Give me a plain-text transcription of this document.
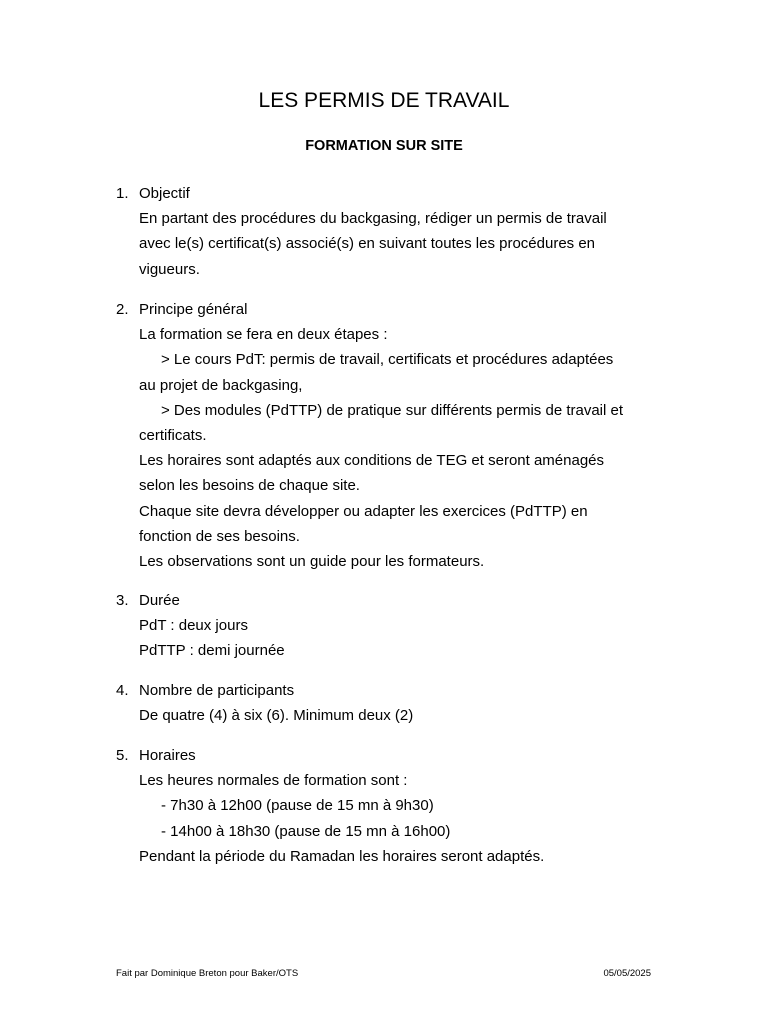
LES PERMIS DE TRAVAIL
FORMATION SUR SITE
1. Objectif
En partant des procédures du backgasing, rédiger un permis de travail
avec le(s) certificat(s) associé(s) en suivant toutes les procédures en
vigueurs.
2. Principe général
La formation se fera en deux étapes :
> Le cours PdT: permis de travail, certificats et procédures adaptées
au projet de backgasing,
> Des modules (PdTTP) de pratique sur différents permis de travail et
certificats.
Les horaires sont adaptés aux conditions de TEG et seront aménagés
selon les besoins de chaque site.
Chaque site devra développer ou adapter les exercices (PdTTP) en
fonction de ses besoins.
Les observations sont un guide pour les formateurs.
3. Durée
PdT : deux jours
PdTTP : demi journée
4. Nombre de participants
De quatre (4) à six (6). Minimum deux (2)
5. Horaires
Les heures normales de formation sont :
- 7h30 à 12h00 (pause de 15 mn à 9h30)
- 14h00 à 18h30 (pause de 15 mn à 16h00)
Pendant la période du Ramadan les horaires seront adaptés.
Fait par Dominique Breton pour Baker/OTS	05/05/2025
